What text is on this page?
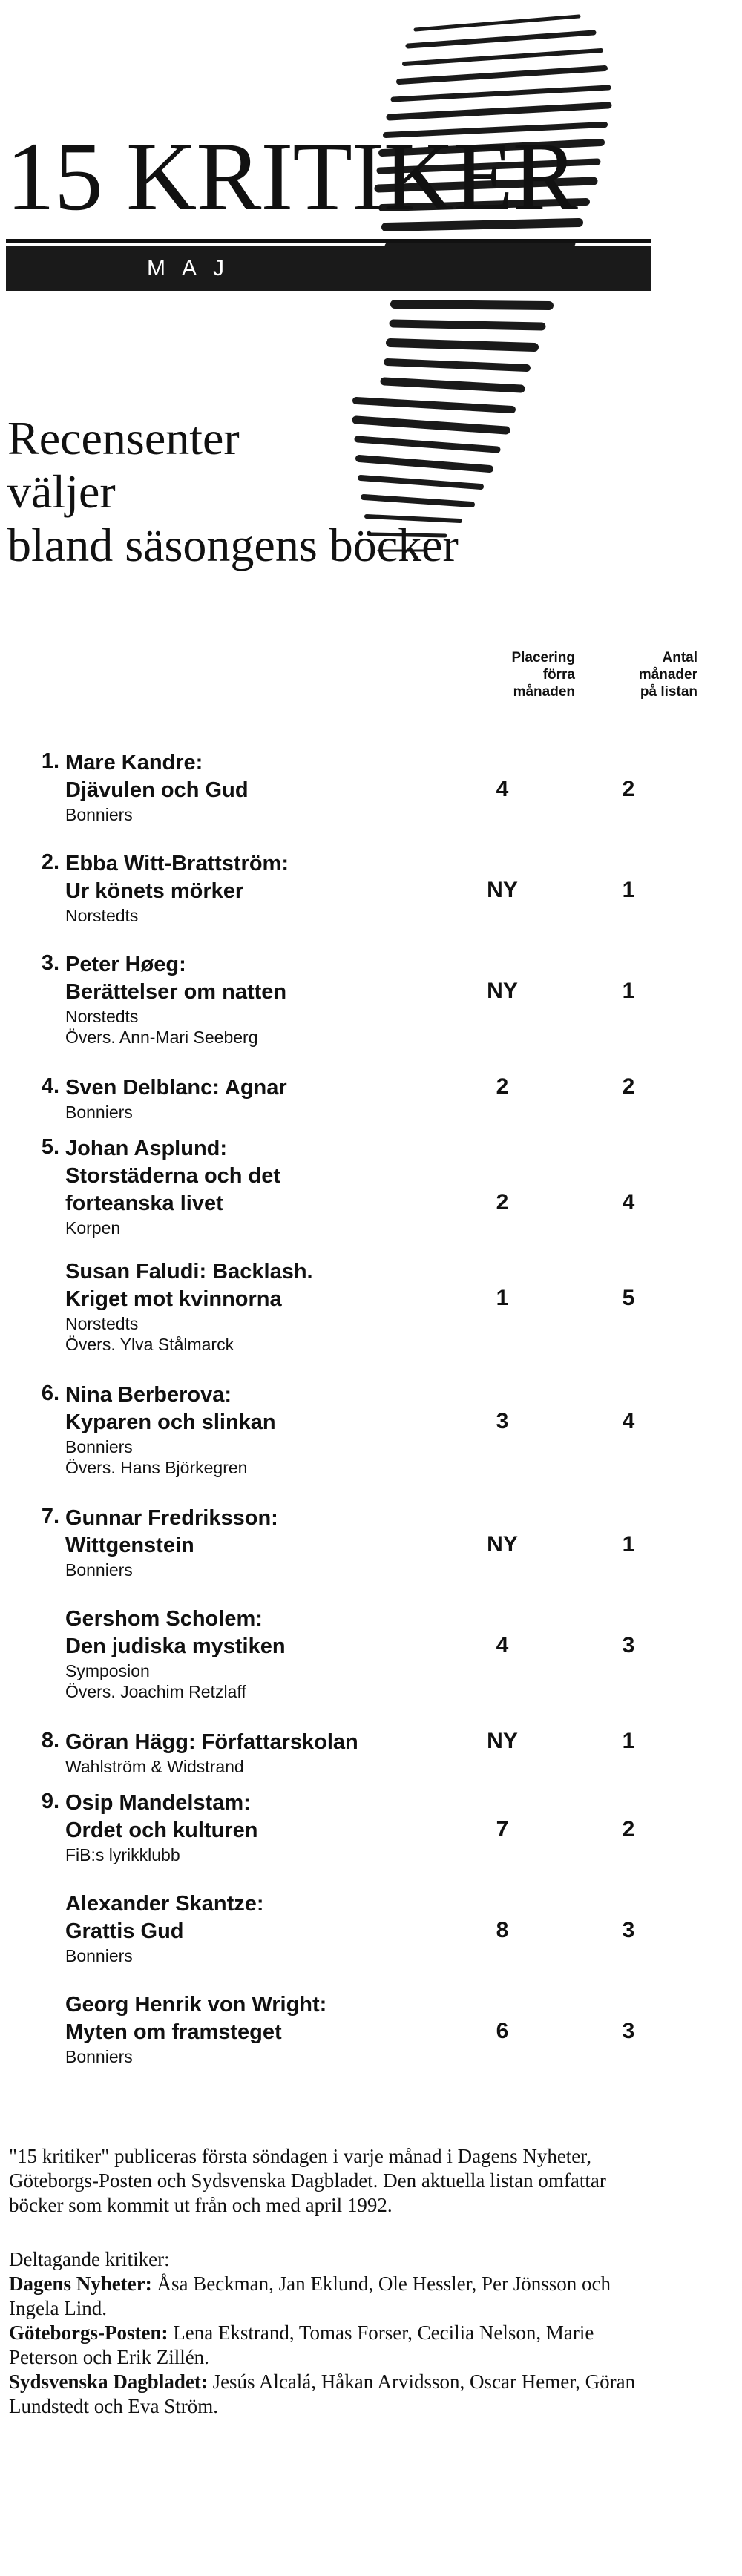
15 KRITIKER
MAJ
Recensenter
väljer
bland säsongens böcker
Placering
förra
månaden
Antal
månader
på listan
1. Mare Kandre:
Djävulen och Gud
Bonniers
4	2
2. Ebba Witt-Brattström:
Ur könets mörker
Norstedts
NY	1
3. Peter Høeg:
Berättelser om natten
Norstedts
Övers. Ann-Mari Seeberg
NY	1
4. Sven Delblanc: Agnar
Bonniers
2	2
5. Johan Asplund:
Storstäderna och det
forteanska livet
Korpen
2	4
Susan Faludi: Backlash.
Kriget mot kvinnorna
Norstedts
Övers. Ylva Stålmarck
1	5
6. Nina Berberova:
Kyparen och slinkan
Bonniers
Övers. Hans Björkegren
3	4
7. Gunnar Fredriksson:
Wittgenstein
Bonniers
NY	1
Gershom Scholem:
Den judiska mystiken
Symposion
Övers. Joachim Retzlaff
4	3
8. Göran Hägg: Författarskolan
Wahlström & Widstrand
NY	1
9. Osip Mandelstam:
Ordet och kulturen
FiB:s lyrikklubb
7	2
Alexander Skantze:
Grattis Gud
Bonniers
8	3
Georg Henrik von Wright:
Myten om framsteget
Bonniers
6	3

"15 kritiker" publiceras första söndagen i varje månad i Dagens Nyheter, Göteborgs-Posten och Sydsvenska Dagbladet. Den aktuella listan omfattar böcker som kommit ut från och med april 1992.

Deltagande kritiker:

Dagens Nyheter: Åsa Beckman, Jan Eklund, Ole Hessler, Per Jönsson och Ingela Lind.

Göteborgs-Posten: Lena Ekstrand, Tomas Forser, Cecilia Nelson, Marie Peterson och Erik Zillén.

Sydsvenska Dagbladet: Jesús Alcalá, Håkan Arvidsson, Oscar Hemer, Göran Lundstedt och Eva Ström.
